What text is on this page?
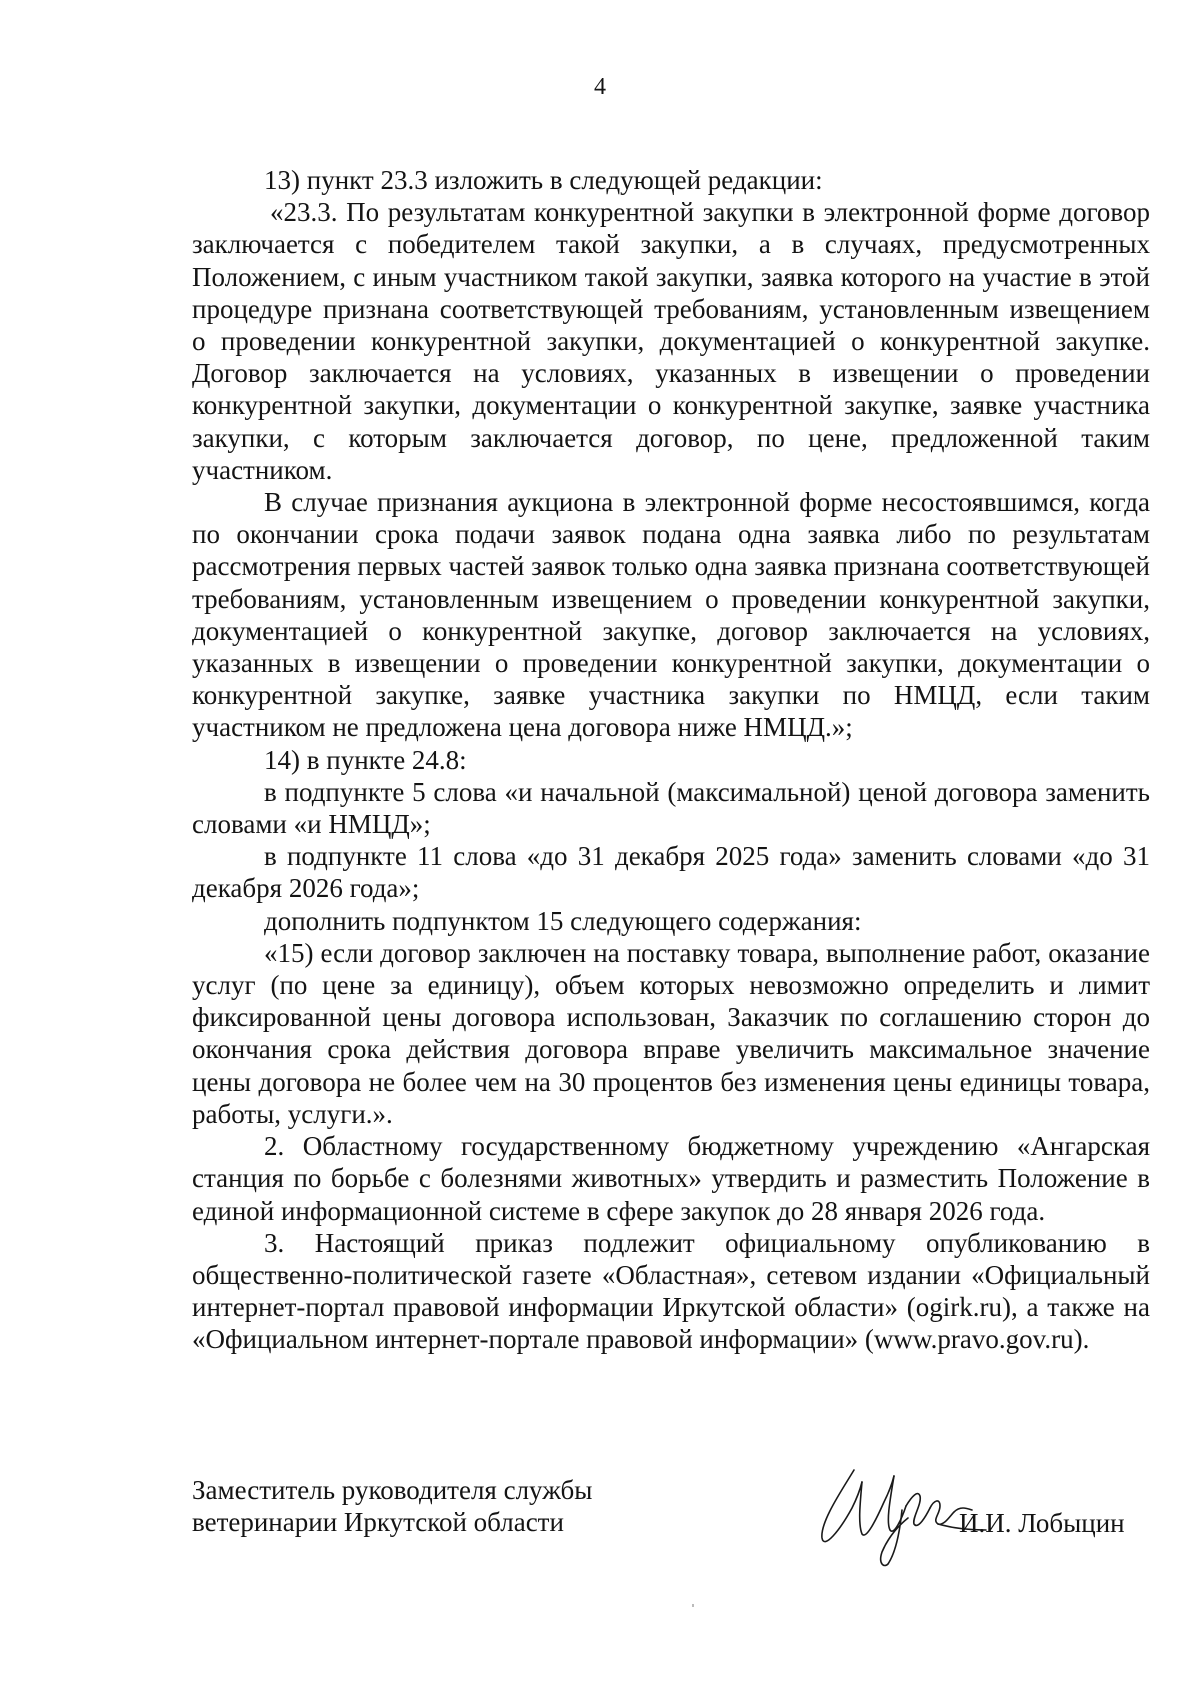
4

13) пункт 23.3 изложить в следующей редакции:

«23.3. По результатам конкурентной закупки в электронной форме договор заключается с победителем такой закупки, а в случаях, предусмотренных Положением, с иным участником такой закупки, заявка которого на участие в этой процедуре признана соответствующей требованиям, установленным извещением о проведении конкурентной закупки, документацией о конкурентной закупке. Договор заключается на условиях, указанных в извещении о проведении конкурентной закупки, документации о конкурентной закупке, заявке участника закупки, с которым заключается договор, по цене, предложенной таким участником.

В случае признания аукциона в электронной форме несостоявшимся, когда по окончании срока подачи заявок подана одна заявка либо по результатам рассмотрения первых частей заявок только одна заявка признана соответствующей требованиям, установленным извещением о проведении конкурентной закупки, документацией о конкурентной закупке, договор заключается на условиях, указанных в извещении о проведении конкурентной закупки, документации о конкурентной закупке, заявке участника закупки по НМЦД, если таким участником не предложена цена договора ниже НМЦД.»;

14) в пункте 24.8:

в подпункте 5 слова «и начальной (максимальной) ценой договора заменить словами «и НМЦД»;

в подпункте 11 слова «до 31 декабря 2025 года» заменить словами «до 31 декабря 2026 года»;

дополнить подпунктом 15 следующего содержания:

«15) если договор заключен на поставку товара, выполнение работ, оказание услуг (по цене за единицу), объем которых невозможно определить и лимит фиксированной цены договора использован, Заказчик по соглашению сторон до окончания срока действия договора вправе увеличить максимальное значение цены договора не более чем на 30 процентов без изменения цены единицы товара, работы, услуги.».

2. Областному государственному бюджетному учреждению «Ангарская станция по борьбе с болезнями животных» утвердить и разместить Положение в единой информационной системе в сфере закупок до 28 января 2026 года.

3. Настоящий приказ подлежит официальному опубликованию в общественно-политической газете «Областная», сетевом издании «Официальный интернет-портал правовой информации Иркутской области» (ogirk.ru), а также на «Официальном интернет-портале правовой информации» (www.pravo.gov.ru).

Заместитель руководителя службы
ветеринарии Иркутской области	И.И. Лобыцин
